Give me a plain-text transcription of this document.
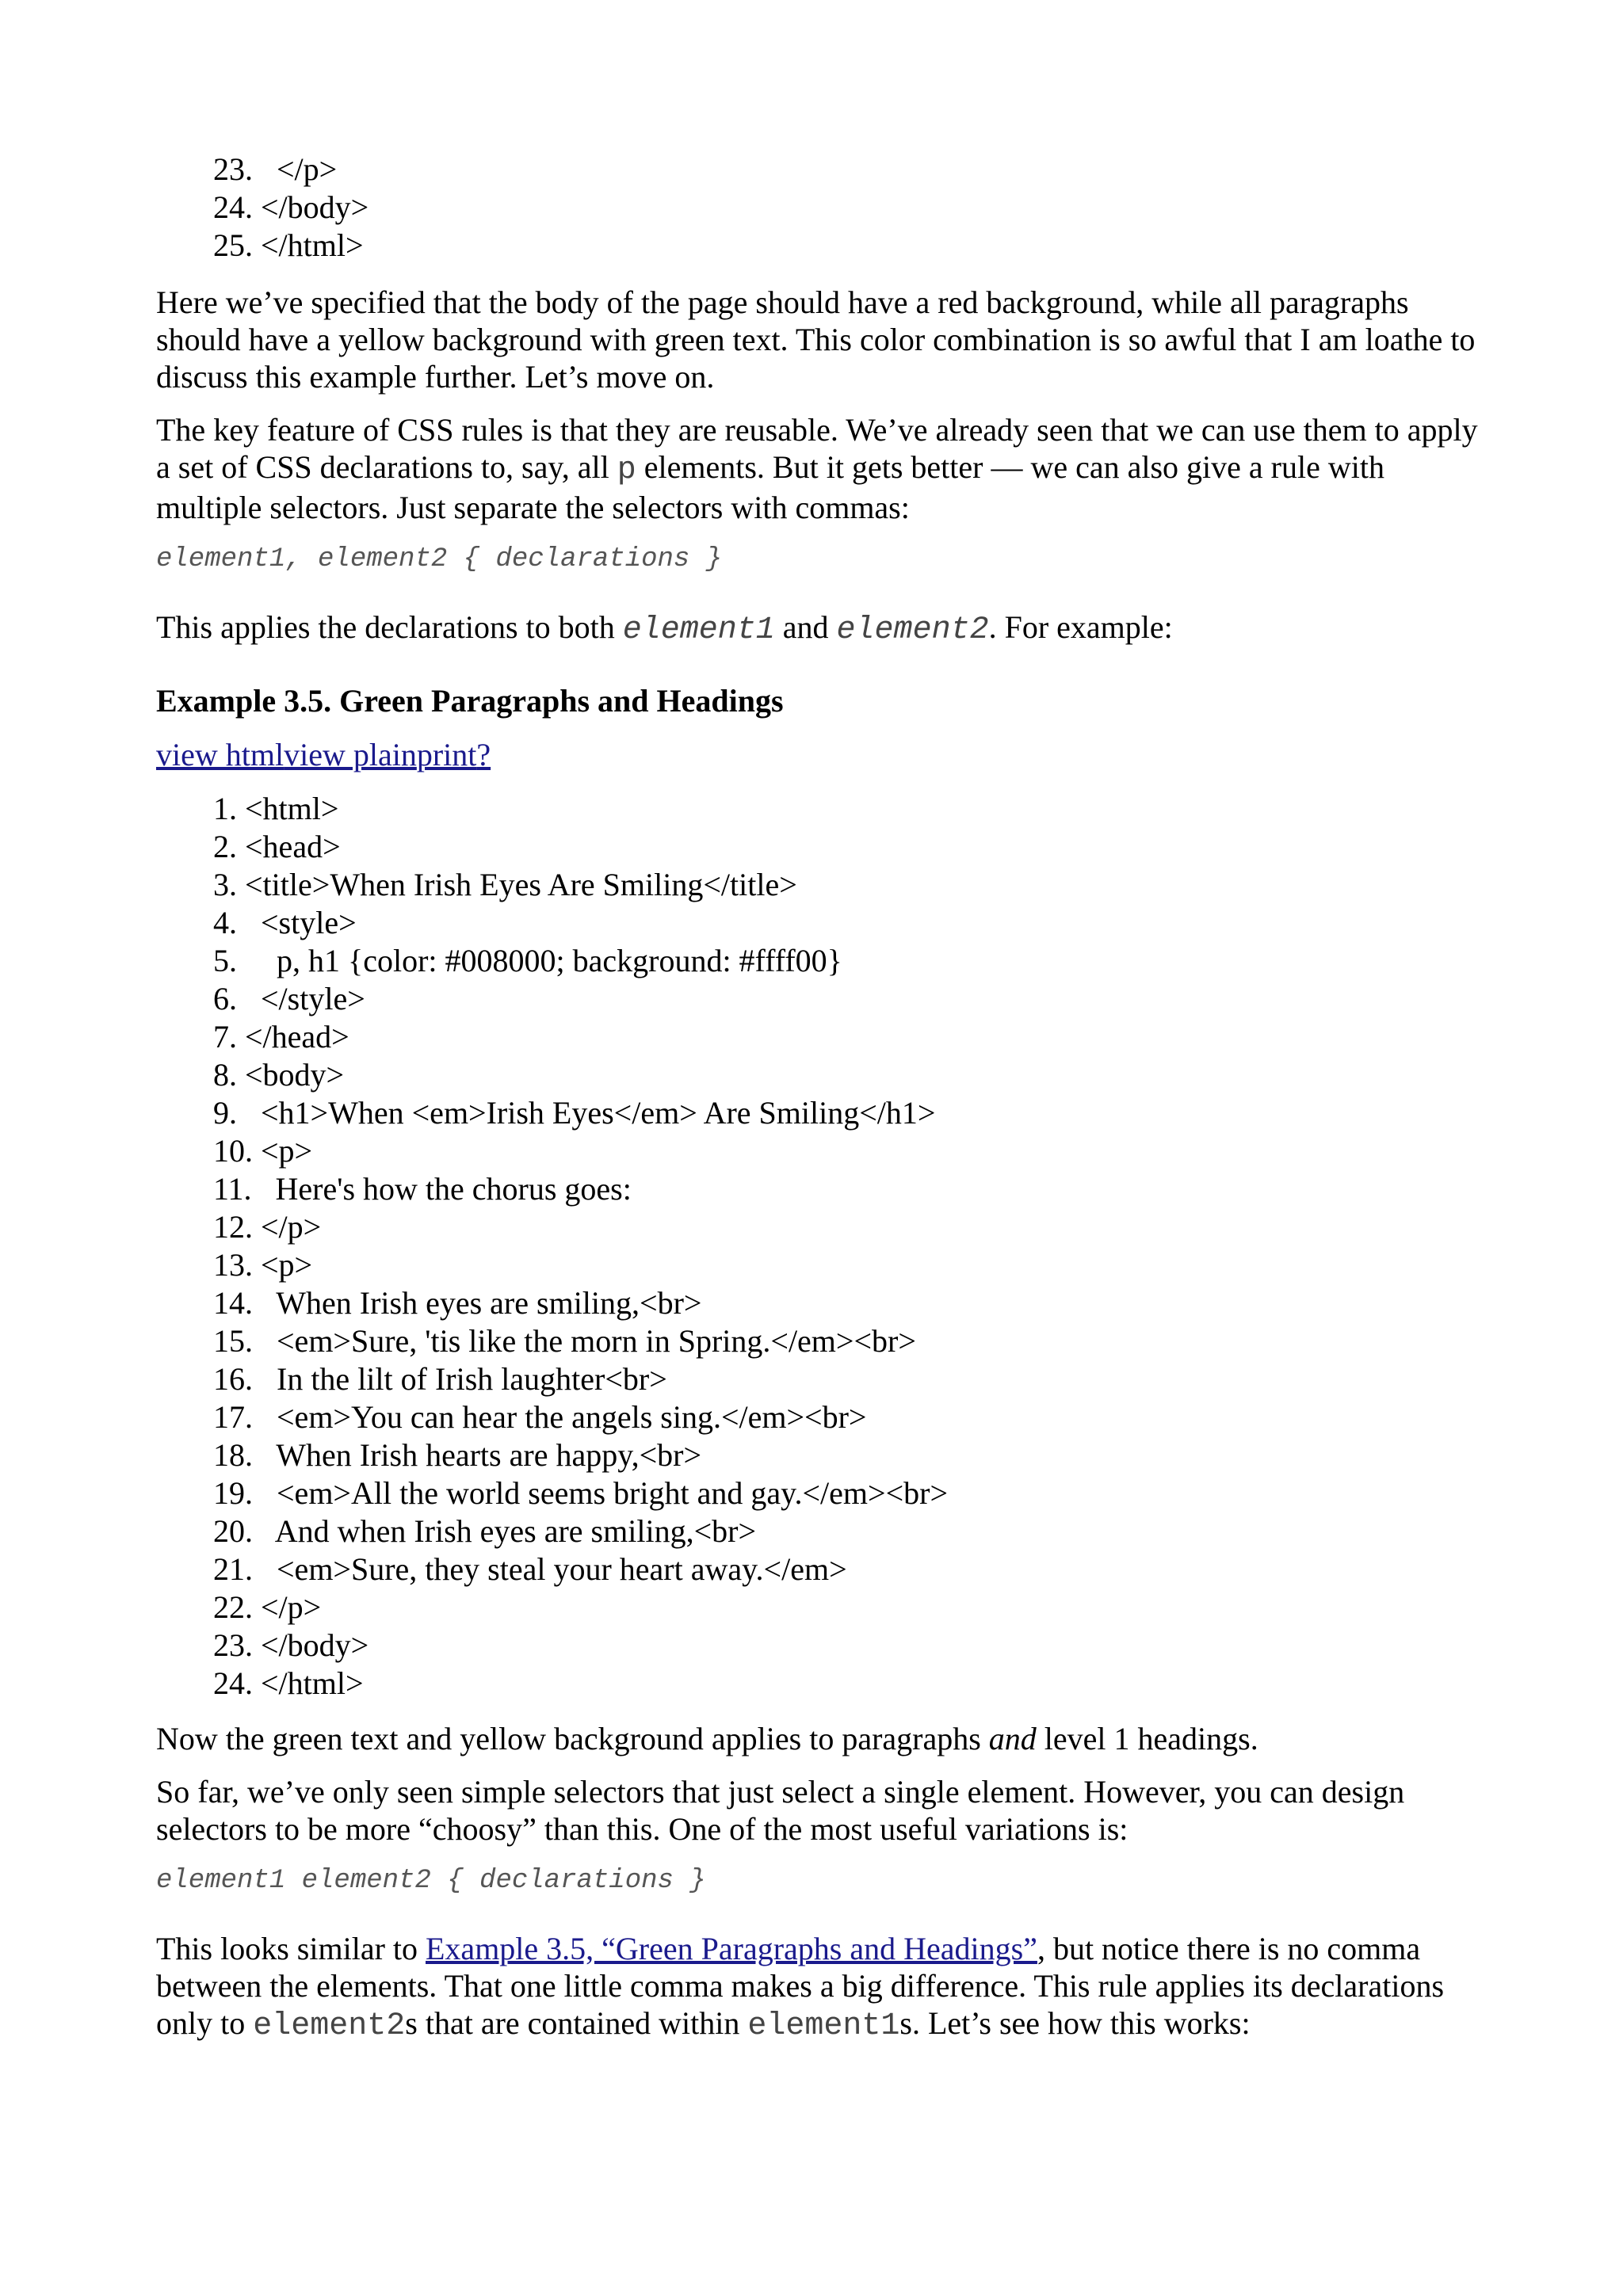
23.   </p>
24. </body>
25. </html>

Here we’ve specified that the body of the page should have a red background, while all paragraphs should have a yellow background with green text. This color combination is so awful that I am loathe to discuss this example further. Let’s move on.

The key feature of CSS rules is that they are reusable. We’ve already seen that we can use them to apply a set of CSS declarations to, say, all p elements. But it gets better — we can also give a rule with multiple selectors. Just separate the selectors with commas:

element1, element2 { declarations }

This applies the declarations to both element1 and element2. For example:

Example 3.5. Green Paragraphs and Headings
view htmlview plainprint?
1. <html>
2. <head>
3. <title>When Irish Eyes Are Smiling</title>
4.   <style>
5.     p, h1 {color: #008000; background: #ffff00}
6.   </style>
7. </head>
8. <body>
9.   <h1>When <em>Irish Eyes</em> Are Smiling</h1>
10. <p>
11.   Here's how the chorus goes:
12. </p>
13. <p>
14.   When Irish eyes are smiling,<br>
15.   <em>Sure, 'tis like the morn in Spring.</em><br>
16.   In the lilt of Irish laughter<br>
17.   <em>You can hear the angels sing.</em><br>
18.   When Irish hearts are happy,<br>
19.   <em>All the world seems bright and gay.</em><br>
20.   And when Irish eyes are smiling,<br>
21.   <em>Sure, they steal your heart away.</em>
22. </p>
23. </body>
24. </html>

Now the green text and yellow background applies to paragraphs and level 1 headings.

So far, we’ve only seen simple selectors that just select a single element. However, you can design selectors to be more “choosy” than this. One of the most useful variations is:

element1 element2 { declarations }

This looks similar to Example 3.5, “Green Paragraphs and Headings”, but notice there is no comma between the elements. That one little comma makes a big difference. This rule applies its declarations only to element2s that are contained within element1s. Let’s see how this works:
